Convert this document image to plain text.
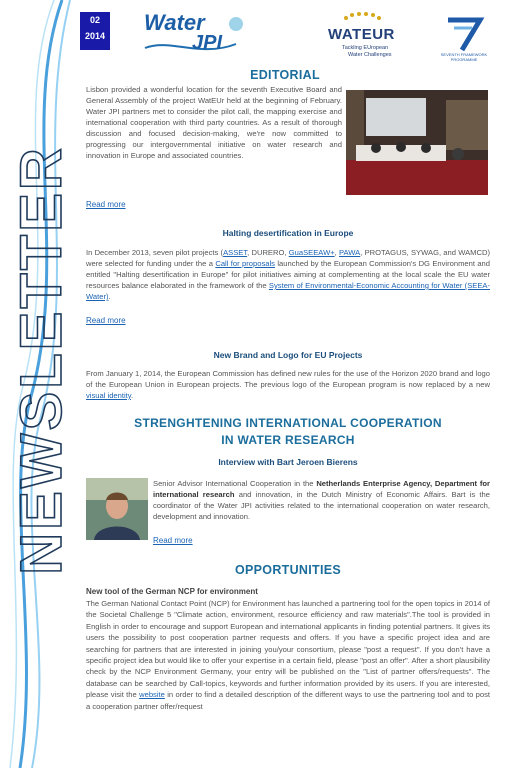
NEWSLETTER
02
2014
Water
JPI	WATEUR
Tackling EUropean
Water Challenges	SEVENTH FRAMEWORK PROGRAMME
EDITORIAL

Lisbon provided a wonderful location for the seventh Executive Board and General Assembly of the project WatEUr held at the beginning of February. Water JPI partners met to consider the pilot call, the mapping exercise and international cooperation with third party countries. As a result of thorough discussion and focused decision-making, we're now committed to progressing our intergovernmental initiative on water research and innovation in Europe and associated countries.

Read more
Halting desertification in Europe

In December 2013, seven pilot projects (ASSET, DURERO, GuaSEEAW+, PAWA, PROTAGUS, SYWAG, and WAMCD) were selected for funding under the a Call for proposals launched by the European Commission's DG Environment and entitled "Halting desertification in Europe" for pilot initiatives aiming at complementing at the local scale the EU water resources balance elaborated in the framework of the System of Environmental-Economic Accounting for Water (SEEA-Water).

Read more
New Brand and Logo for EU Projects

From January 1, 2014, the European Commission has defined new rules for the use of the Horizon 2020 brand and logo of the European Union in European projects. The previous logo of the European program is now replaced by a new visual identity.

STRENGHTENING INTERNATIONAL COOPERATION
IN WATER RESEARCH
Interview with Bart Jeroen Bierens

Senior Advisor International Cooperation in the Netherlands Enterprise Agency, Department for international research and innovation, in the Dutch Ministry of Economic Affairs. Bart is the coordinator of the Water JPI activities related to the international cooperation on water research, development and innovation.

Read more
OPPORTUNITIES
New tool of the German NCP for environment

The German National Contact Point (NCP) for Environment has launched a partnering tool for the open topics in 2014 of the Societal Challenge 5 "Climate action, environment, resource efficiency and raw materials".The tool is provided in English in order to encourage and support European and international applicants in finding potential partners. It gives its users the possibility to post cooperation partner requests and offers. If you have a specific project idea and are searching for partners that are interested in joining you/your consortium, please "post a request". If you don't have a specific project idea but would like to offer your expertise in a certain field, please "post an offer". After a short plausibility check by the NCP Environment Germany, your entry will be published on the "List of partner offers/requests". The database can be searched by Call-topics, keywords and further information provided by its users. If you are interested, please visit the website in order to find a detailed description of the different ways to use the partnering tool and to post a cooperation partner offer/request
